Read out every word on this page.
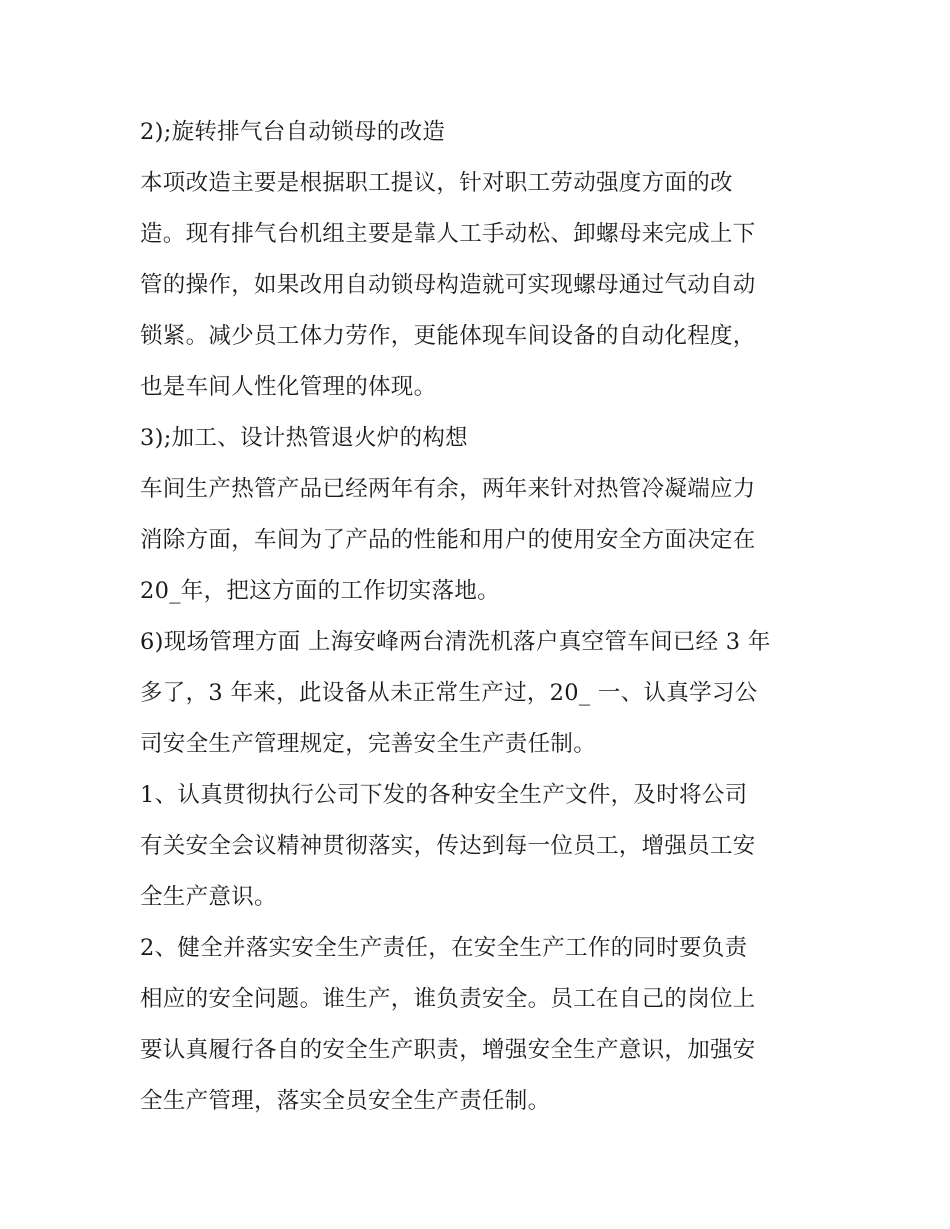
2);旋转排气台自动锁母的改造
本项改造主要是根据职工提议，针对职工劳动强度方面的改
造。现有排气台机组主要是靠人工手动松、卸螺母来完成上下
管的操作，如果改用自动锁母构造就可实现螺母通过气动自动
锁紧。减少员工体力劳作，更能体现车间设备的自动化程度，
也是车间人性化管理的体现。
3);加工、设计热管退火炉的构想
车间生产热管产品已经两年有余，两年来针对热管冷凝端应力
消除方面，车间为了产品的性能和用户的使用安全方面决定在
20_年，把这方面的工作切实落地。
6)现场管理方面 上海安峰两台清洗机落户真空管车间已经 3 年
多了，3 年来，此设备从未正常生产过，20_ 一、认真学习公
司安全生产管理规定，完善安全生产责任制。
1、认真贯彻执行公司下发的各种安全生产文件，及时将公司
有关安全会议精神贯彻落实，传达到每一位员工，增强员工安
全生产意识。
2、健全并落实安全生产责任，在安全生产工作的同时要负责
相应的安全问题。谁生产，谁负责安全。员工在自己的岗位上
要认真履行各自的安全生产职责，增强安全生产意识，加强安
全生产管理，落实全员安全生产责任制。
